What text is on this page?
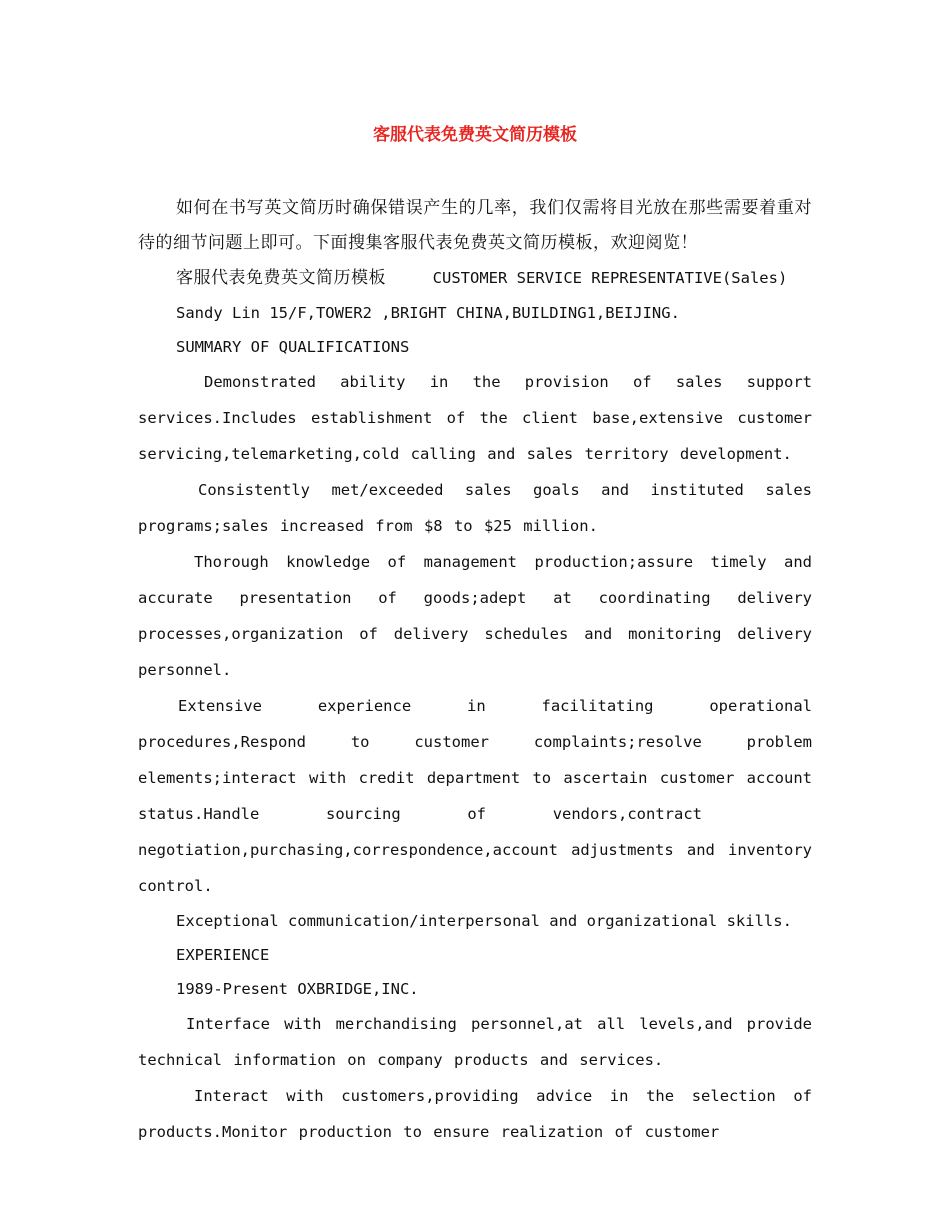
客服代表免费英文简历模板

如何在书写英文简历时确保错误产生的几率，我们仅需将目光放在那些需要着重对待的细节问题上即可。下面搜集客服代表免费英文简历模板，欢迎阅览！

客服代表免费英文简历模板	CUSTOMER SERVICE REPRESENTATIVE(Sales)

Sandy Lin 15/F,TOWER2 ,BRIGHT CHINA,BUILDING1,BEIJING.

SUMMARY OF QUALIFICATIONS

Demonstrated ability in the provision of sales support services.Includes establishment of the client base,extensive customer servicing,telemarketing,cold calling and sales territory development.

Consistently met/exceeded sales goals and instituted sales programs;sales increased from $8 to $25 million.

Thorough knowledge of management production;assure timely and accurate presentation of goods;adept at coordinating delivery processes,organization of delivery schedules and monitoring delivery personnel.

Extensive experience in facilitating operational procedures,Respond to customer complaints;resolve problem elements;interact with credit department to ascertain customer account status.Handle sourcing of vendors,contractnegotiation,purchasing,correspondence,account adjustments and inventory control.

Exceptional communication/interpersonal and organizational skills.

EXPERIENCE

1989-Present OXBRIDGE,INC.

Interface with merchandising personnel,at all levels,and provide technical information on company products and services.

Interact with customers,providing advice in the selection of products.Monitor production to ensure realization of customer
